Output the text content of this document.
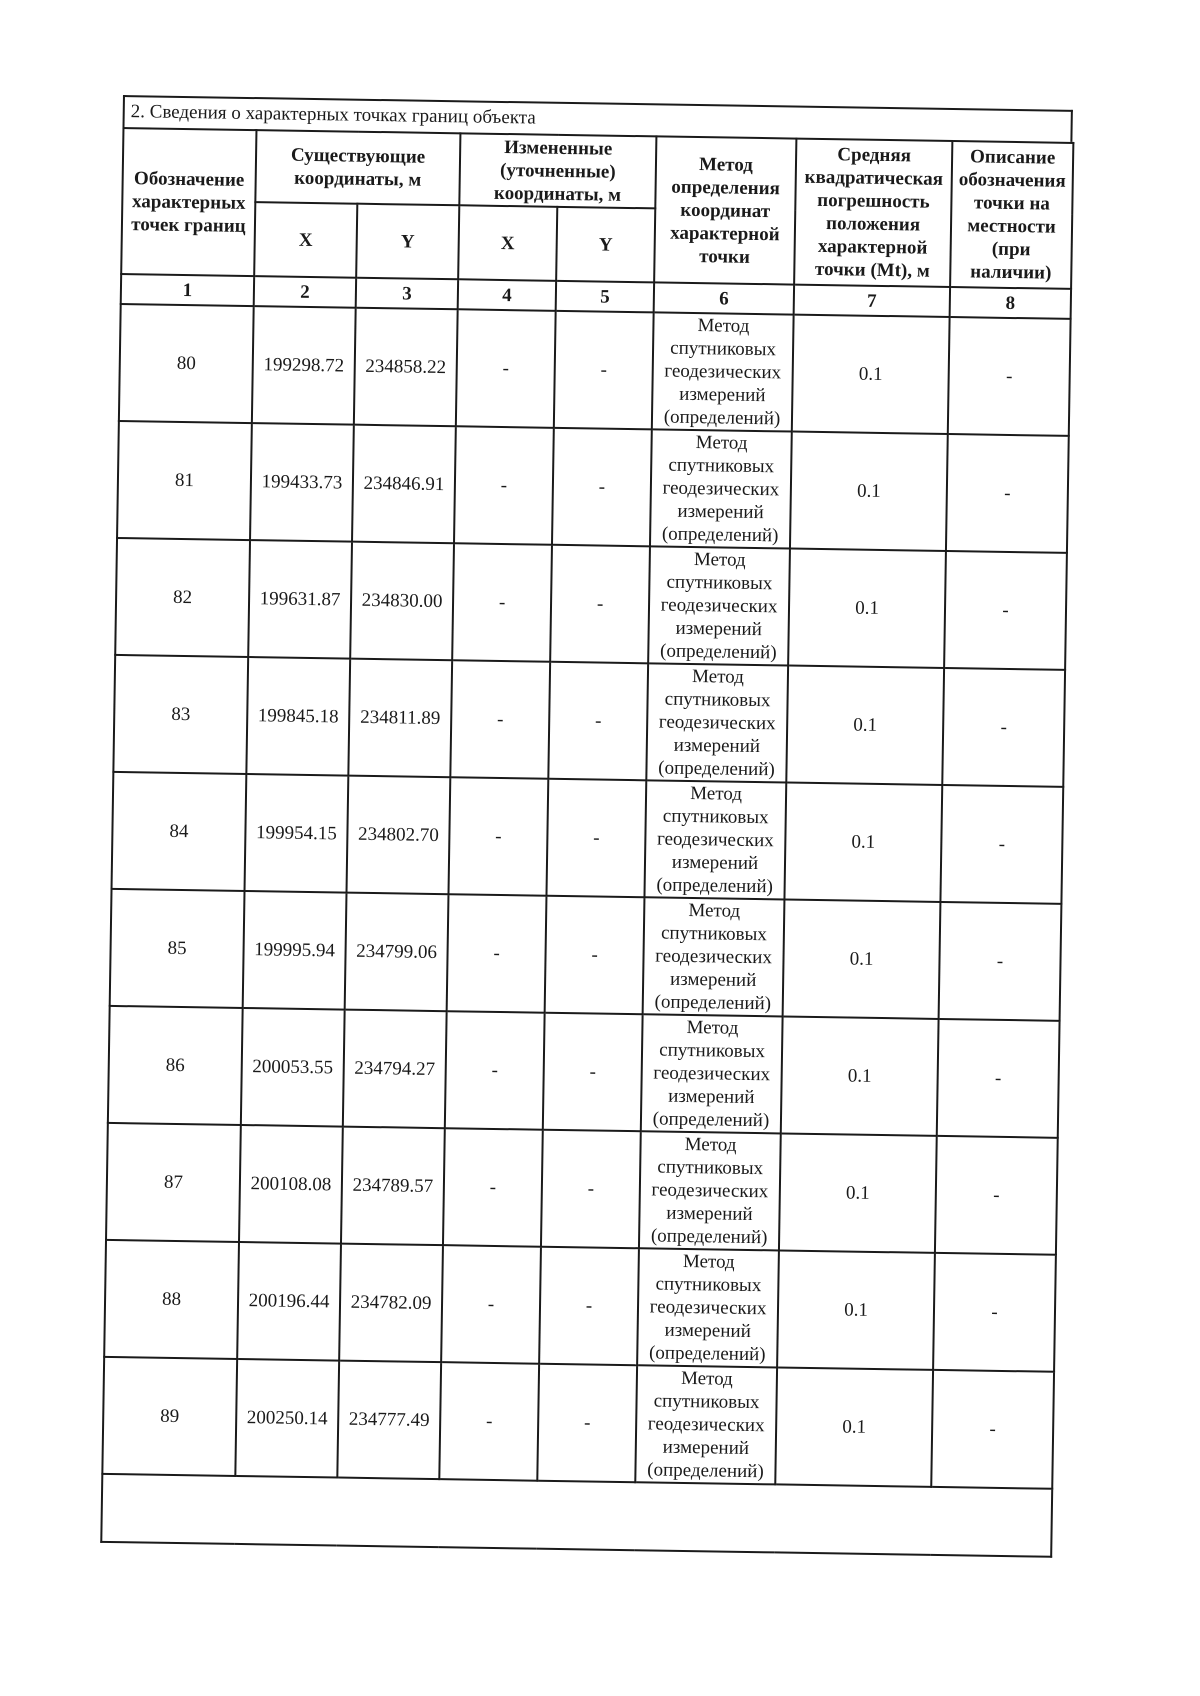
2. Сведения о характерных точках границ объекта
Обозначение характерных точек границ	Существующие координаты, м		Измененные (уточненные) координаты, м		Метод определения координат характерной точки	Средняя квадратическая погрешность положения характерной точки (Mt), м	Описание обозначения точки на местности (при наличии)
	X	Y	X	Y			
1	2	3	4	5	6	7	8
80	199298.72	234858.22	-	-	Метод спутниковых геодезических измерений (определений)	0.1	-
81	199433.73	234846.91	-	-	Метод спутниковых геодезических измерений (определений)	0.1	-
82	199631.87	234830.00	-	-	Метод спутниковых геодезических измерений (определений)	0.1	-
83	199845.18	234811.89	-	-	Метод спутниковых геодезических измерений (определений)	0.1	-
84	199954.15	234802.70	-	-	Метод спутниковых геодезических измерений (определений)	0.1	-
85	199995.94	234799.06	-	-	Метод спутниковых геодезических измерений (определений)	0.1	-
86	200053.55	234794.27	-	-	Метод спутниковых геодезических измерений (определений)	0.1	-
87	200108.08	234789.57	-	-	Метод спутниковых геодезических измерений (определений)	0.1	-
88	200196.44	234782.09	-	-	Метод спутниковых геодезических измерений (определений)	0.1	-
89	200250.14	234777.49	-	-	Метод спутниковых геодезических измерений (определений)	0.1	-
